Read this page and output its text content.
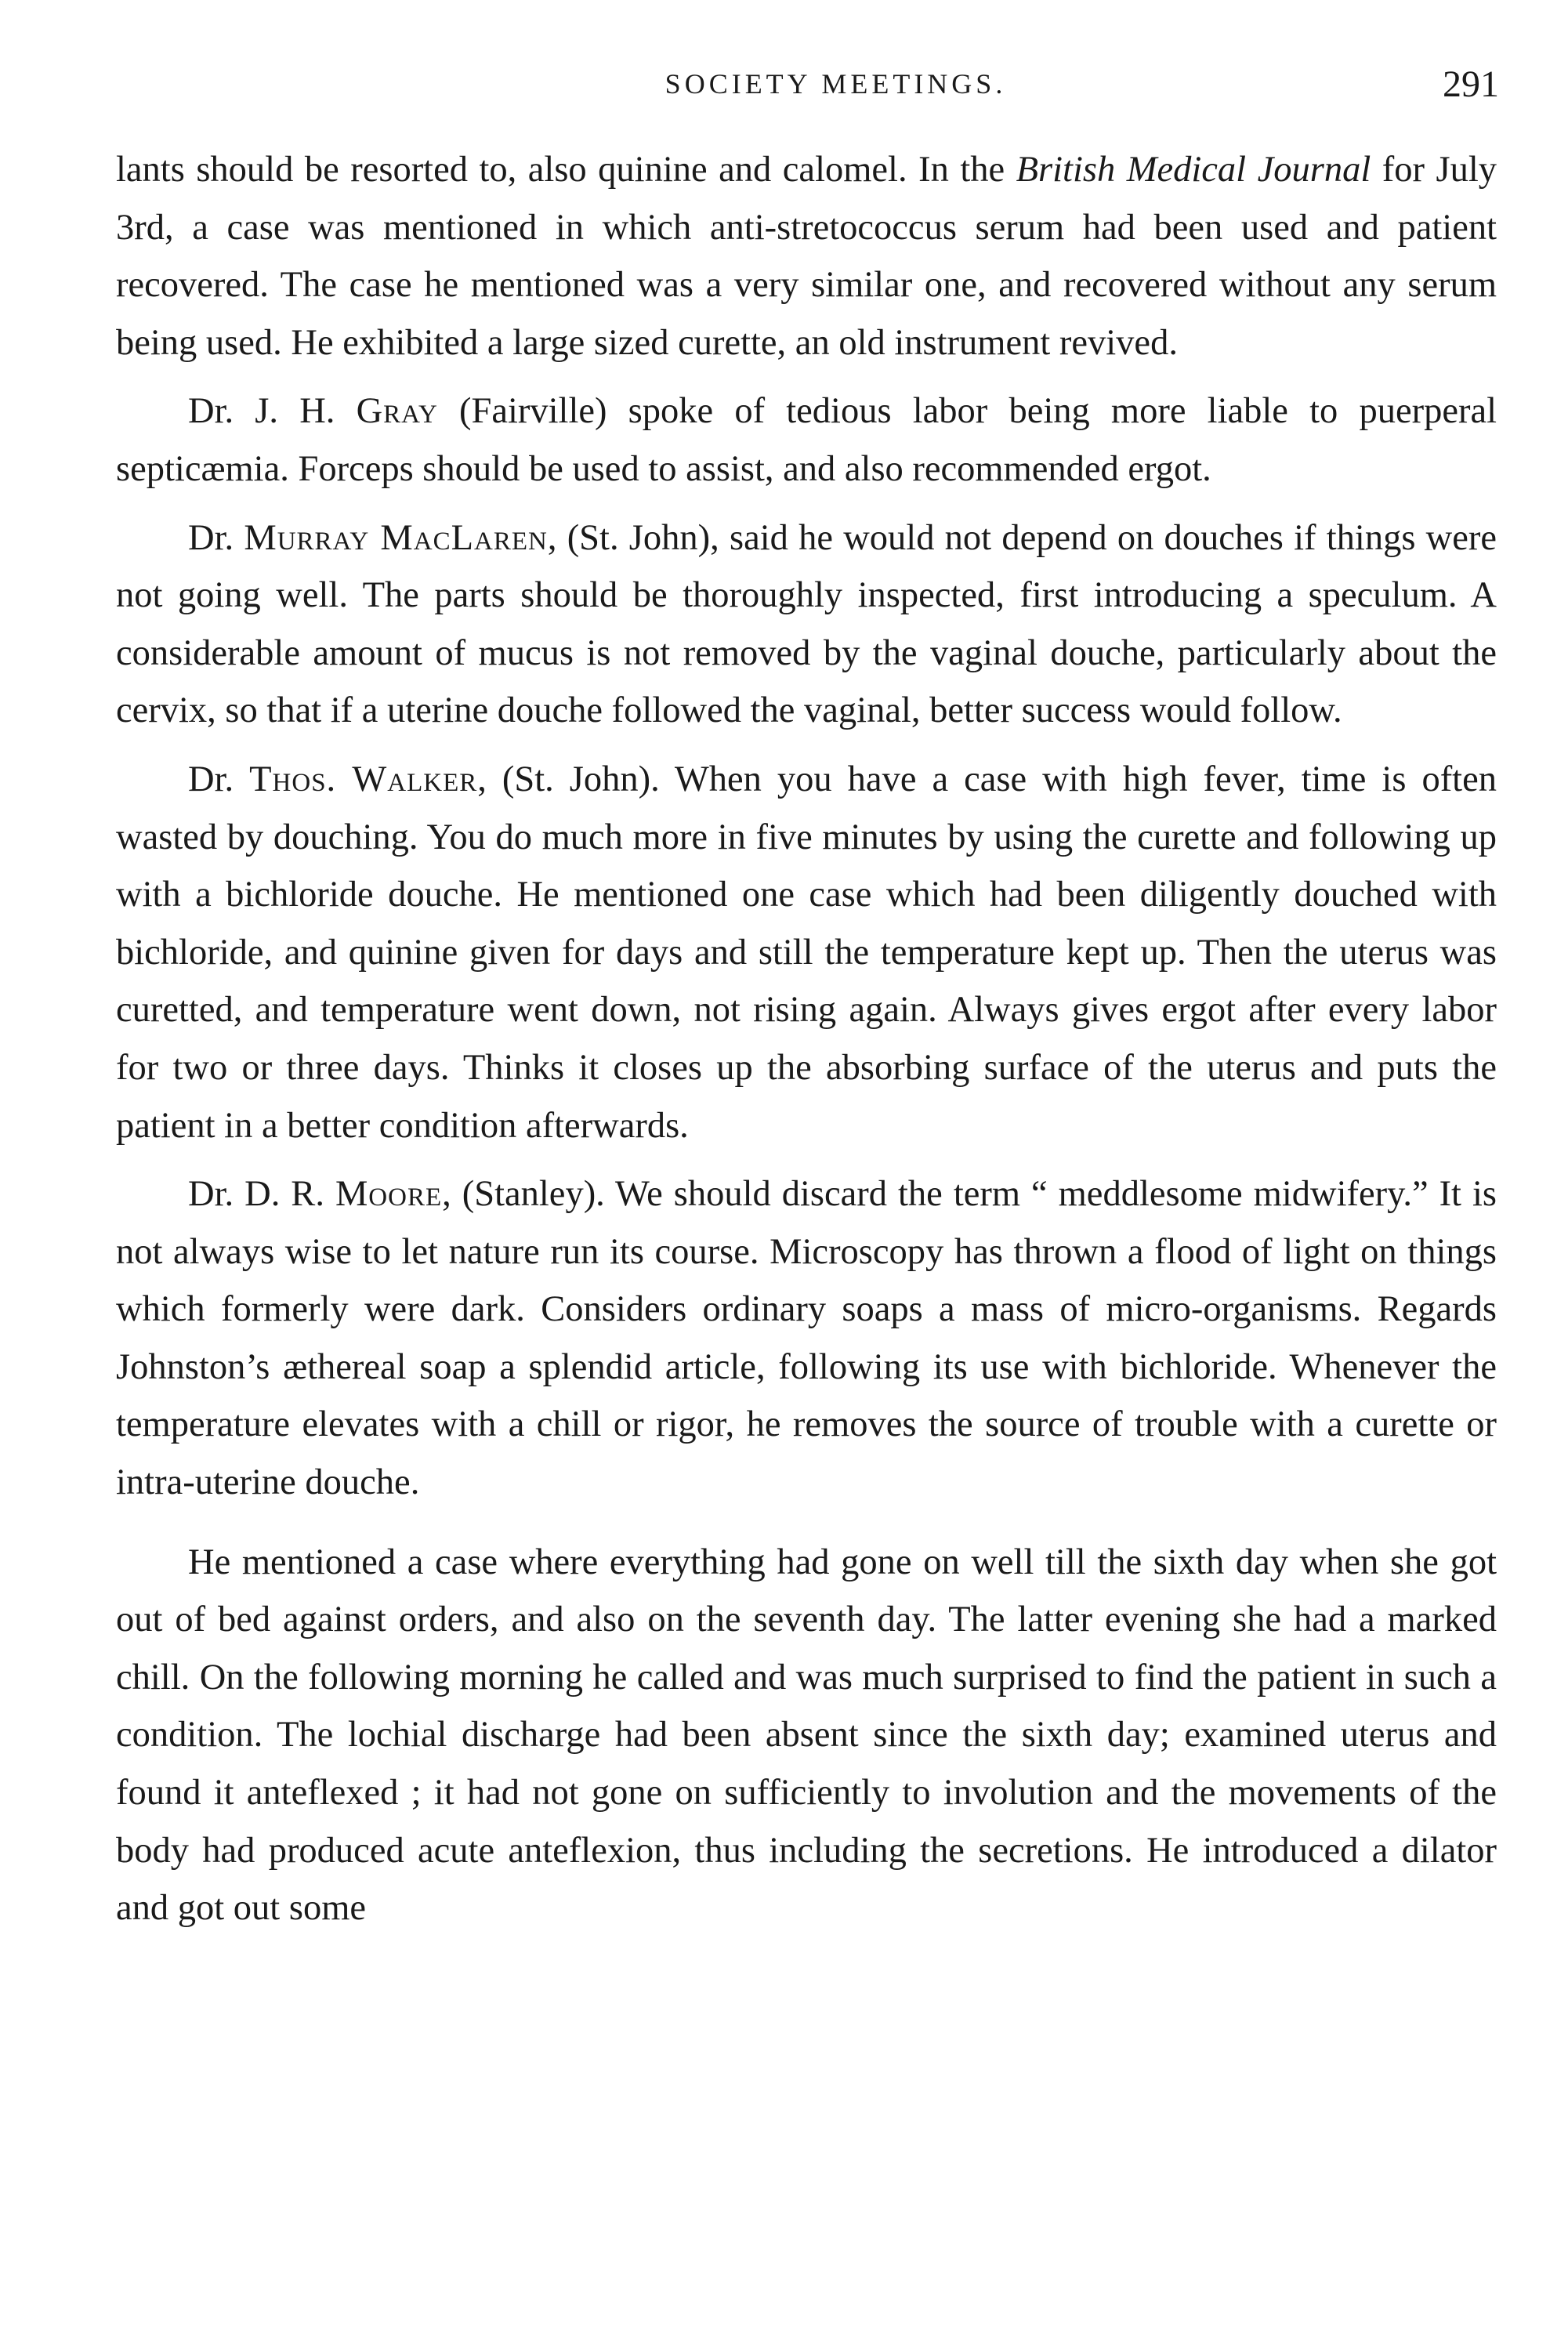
SOCIETY MEETINGS.	291

lants should be resorted to, also quinine and calomel. In the British Medical Journal for July 3rd, a case was mentioned in which anti-stretococcus serum had been used and patient recovered. The case he mentioned was a very similar one, and recovered without any serum being used. He exhibited a large sized curette, an old instrument revived.

Dr. J. H. Gray (Fairville) spoke of tedious labor being more liable to puerperal septicæmia. Forceps should be used to assist, and also recommended ergot.

Dr. Murray MacLaren, (St. John), said he would not depend on douches if things were not going well. The parts should be thoroughly inspected, first introducing a speculum. A considerable amount of mucus is not removed by the vaginal douche, particularly about the cervix, so that if a uterine douche followed the vaginal, better success would follow.

Dr. Thos. Walker, (St. John). When you have a case with high fever, time is often wasted by douching. You do much more in five minutes by using the curette and following up with a bichloride douche. He mentioned one case which had been diligently douched with bichloride, and quinine given for days and still the temperature kept up. Then the uterus was curetted, and temperature went down, not rising again. Always gives ergot after every labor for two or three days. Thinks it closes up the absorbing surface of the uterus and puts the patient in a better condition afterwards.

Dr. D. R. Moore, (Stanley). We should discard the term “ meddlesome midwifery.” It is not always wise to let nature run its course. Microscopy has thrown a flood of light on things which formerly were dark. Considers ordinary soaps a mass of micro-organisms. Regards Johnston’s æthereal soap a splendid article, following its use with bichloride. Whenever the temperature elevates with a chill or rigor, he removes the source of trouble with a curette or intra-uterine douche.

He mentioned a case where everything had gone on well till the sixth day when she got out of bed against orders, and also on the seventh day. The latter evening she had a marked chill. On the following morning he called and was much surprised to find the patient in such a condition. The lochial discharge had been absent since the sixth day; examined uterus and found it anteflexed ; it had not gone on sufficiently to involution and the movements of the body had produced acute anteflexion, thus including the secretions. He introduced a dilator and got out some
